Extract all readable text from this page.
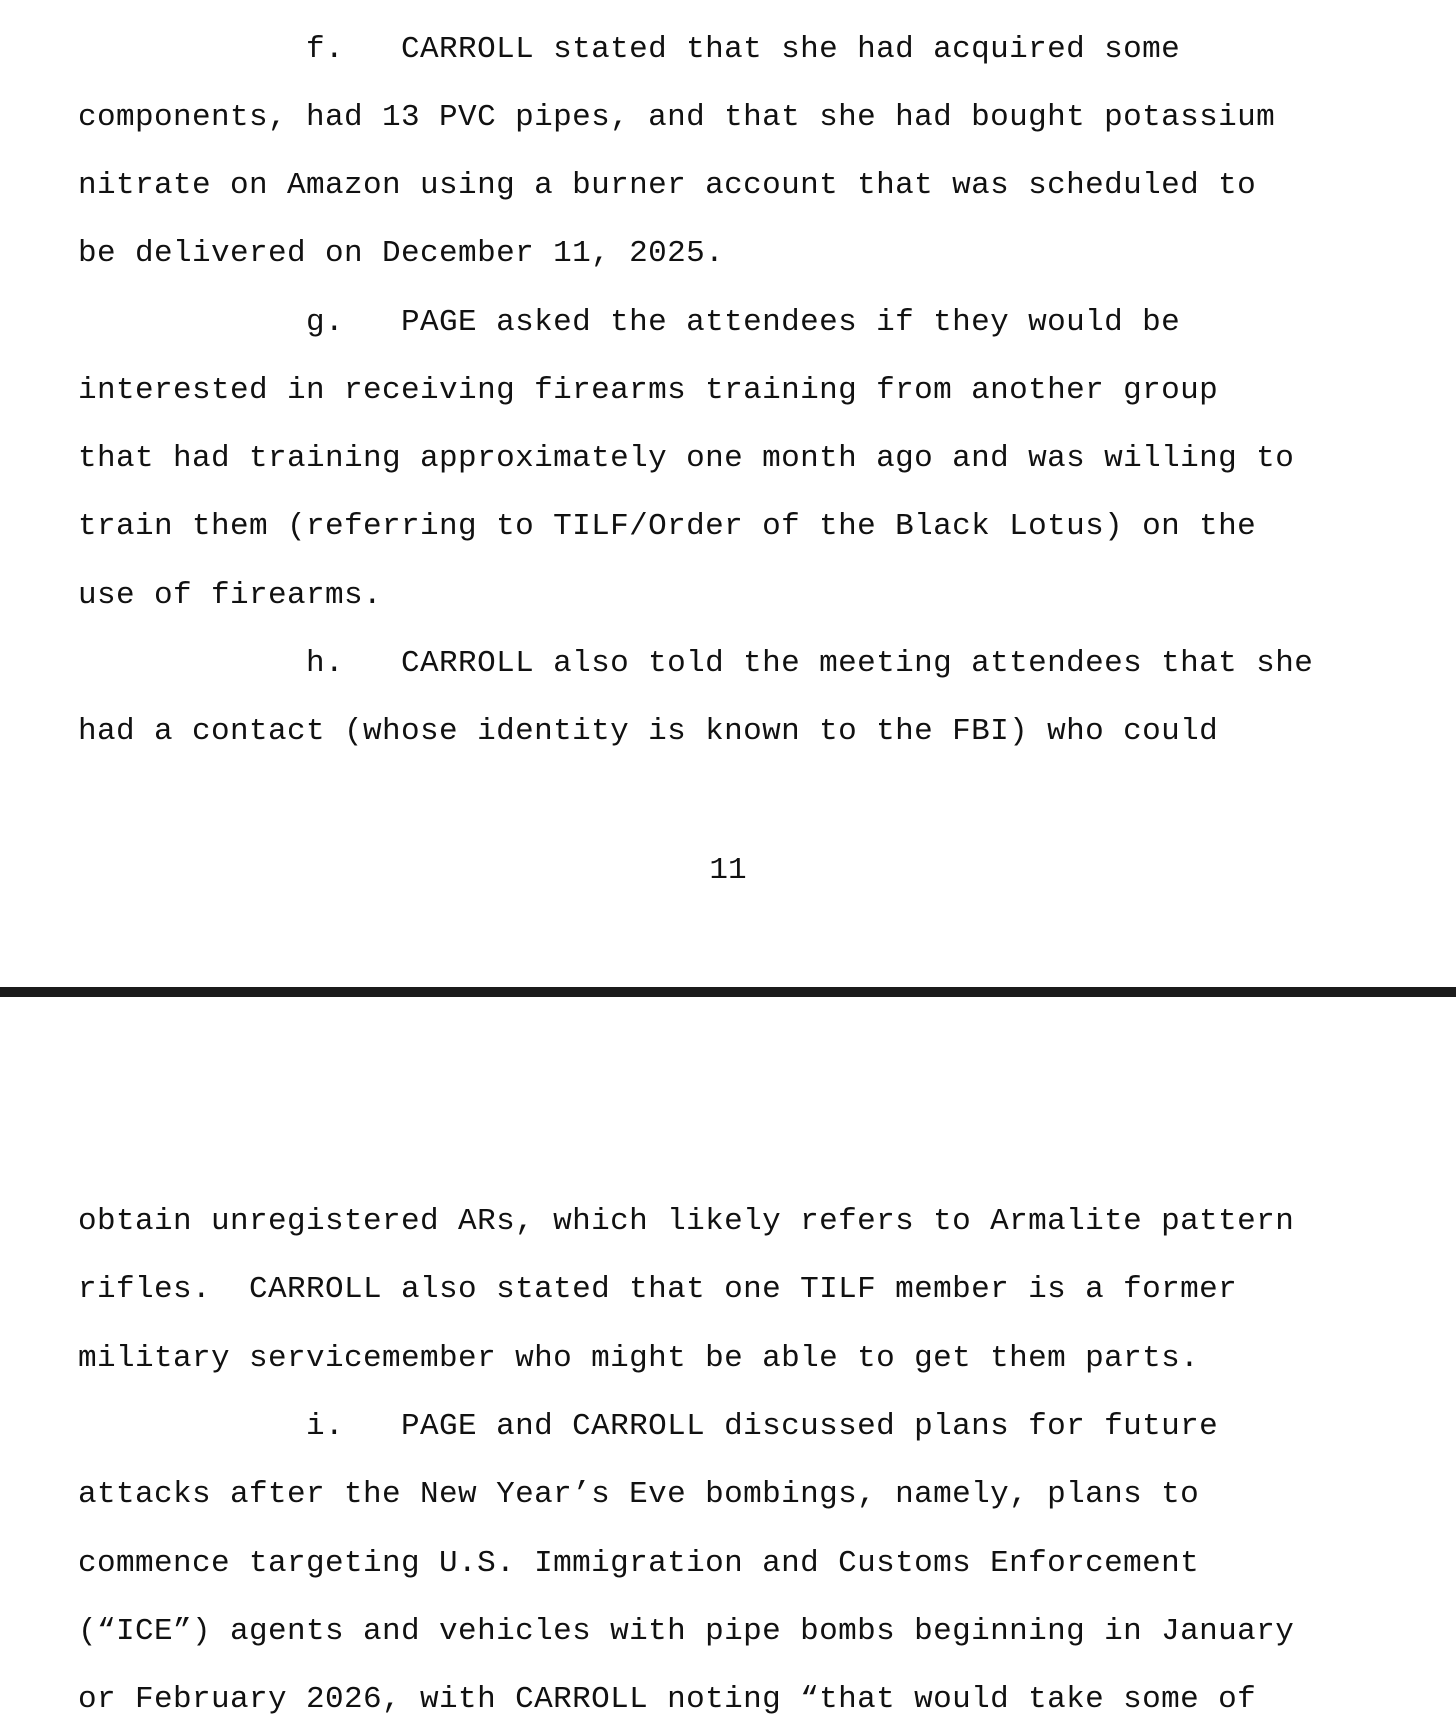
f.   CARROLL stated that she had acquired some
components, had 13 PVC pipes, and that she had bought potassium
nitrate on Amazon using a burner account that was scheduled to
be delivered on December 11, 2025.
g.   PAGE asked the attendees if they would be
interested in receiving firearms training from another group
that had training approximately one month ago and was willing to
train them (referring to TILF/Order of the Black Lotus) on the
use of firearms.
h.   CARROLL also told the meeting attendees that she
had a contact (whose identity is known to the FBI) who could
11
obtain unregistered ARs, which likely refers to Armalite pattern
rifles.  CARROLL also stated that one TILF member is a former
military servicemember who might be able to get them parts.
i.   PAGE and CARROLL discussed plans for future
attacks after the New Year’s Eve bombings, namely, plans to
commence targeting U.S. Immigration and Customs Enforcement
(“ICE”) agents and vehicles with pipe bombs beginning in January
or February 2026, with CARROLL noting “that would take some of
